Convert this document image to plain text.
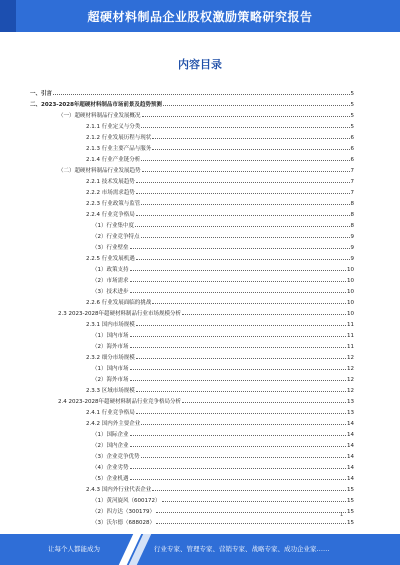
超硬材料制品企业股权激励策略研究报告
内容目录
一、引言	5
二、2023-2028年超硬材料制品市场前景及趋势预测	5
（一）超硬材料制品行业发展概况	5
2.1.1 行业定义与分类	5
2.1.2 行业发展历程与现状	6
2.1.3 行业主要产品与服务	6
2.1.4 行业产业链分析	6
（二）超硬材料制品行业发展趋势	7
2.2.1 技术发展趋势	7
2.2.2 市场需求趋势	7
2.2.3 行业政策与监管	8
2.2.4 行业竞争格局	8
（1）行业集中度	8
（2）行业竞争特点	9
（3）行业壁垒	9
2.2.5 行业发展机遇	9
（1）政策支持	10
（2）市场需求	10
（3）技术进步	10
2.2.6 行业发展面临的挑战	10
2.3 2023-2028年超硬材料制品行业市场规模分析	10
2.3.1 国内市场规模	11
（1）国内市场	11
（2）海外市场	11
2.3.2 细分市场规模	12
（1）国内市场	12
（2）海外市场	12
2.3.3 区域市场规模	12
2.4 2023-2028年超硬材料制品行业竞争格局分析	13
2.4.1 行业竞争格局	13
2.4.2 国内外主要企业	14
（1）国际企业	14
（2）国内企业	14
（3）企业竞争优势	14
（4）企业劣势	14
（5）企业机遇	14
2.4.3 国内外行业代表企业	15
（1）黄河旋风（600172）	15
（2）四方达（300179）	15
（3）沃尔德（688028）	15
1
让每个人都能成为	行业专家、管理专家、营销专家、战略专家、成功企业家……
